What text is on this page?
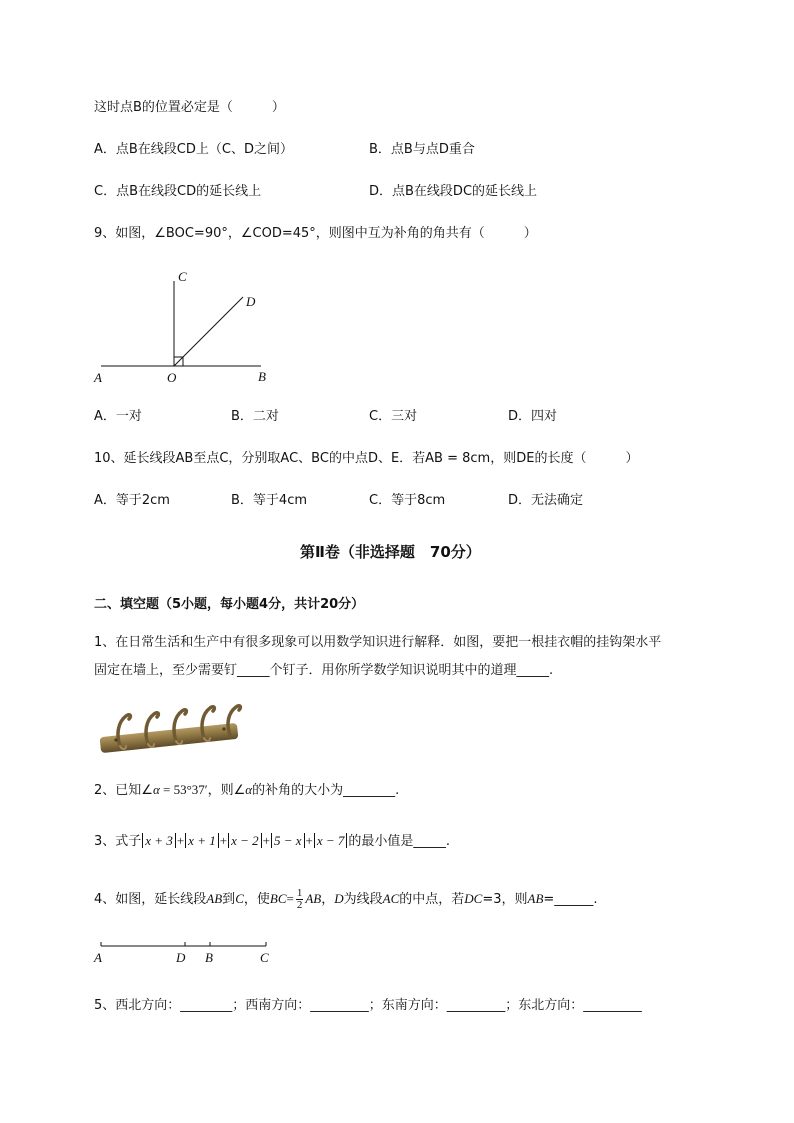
这时点B的位置必定是（　　　）
A．点B在线段CD上（C、D之间）	B．点B与点D重合
C．点B在线段CD的延长线上	D．点B在线段DC的延长线上
9、如图，∠BOC=90°，∠COD=45°，则图中互为补角的角共有（　　　）
C
D
A	O	B
A．一对	B．二对	C．三对	D．四对
10、延长线段AB至点C，分别取AC、BC的中点D、E．若AB = 8cm，则DE的长度（　　　）
A．等于2cm	B．等于4cm	C．等于8cm	D．无法确定
第Ⅱ卷（非选择题　70分）
二、填空题（5小题，每小题4分，共计20分）
1、在日常生活和生产中有很多现象可以用数学知识进行解释．如图，要把一根挂衣帽的挂钩架水平
固定在墙上，至少需要钉_____个钉子．用你所学数学知识说明其中的道理_____.
2、已知∠α = 53°37′，则∠α的补角的大小为________.
3、式子 x + 3 + x + 1 + x − 2 + 5 − x + x − 7 的最小值是_____.
4、如图，延长线段AB到C，使$BC= \frac{1}{2}$ AB，D为线段AC的中点，若DC=3，则AB=______.
A	D B	C
5、西北方向：________；西南方向：_________；东南方向：_________；东北方向：_________
